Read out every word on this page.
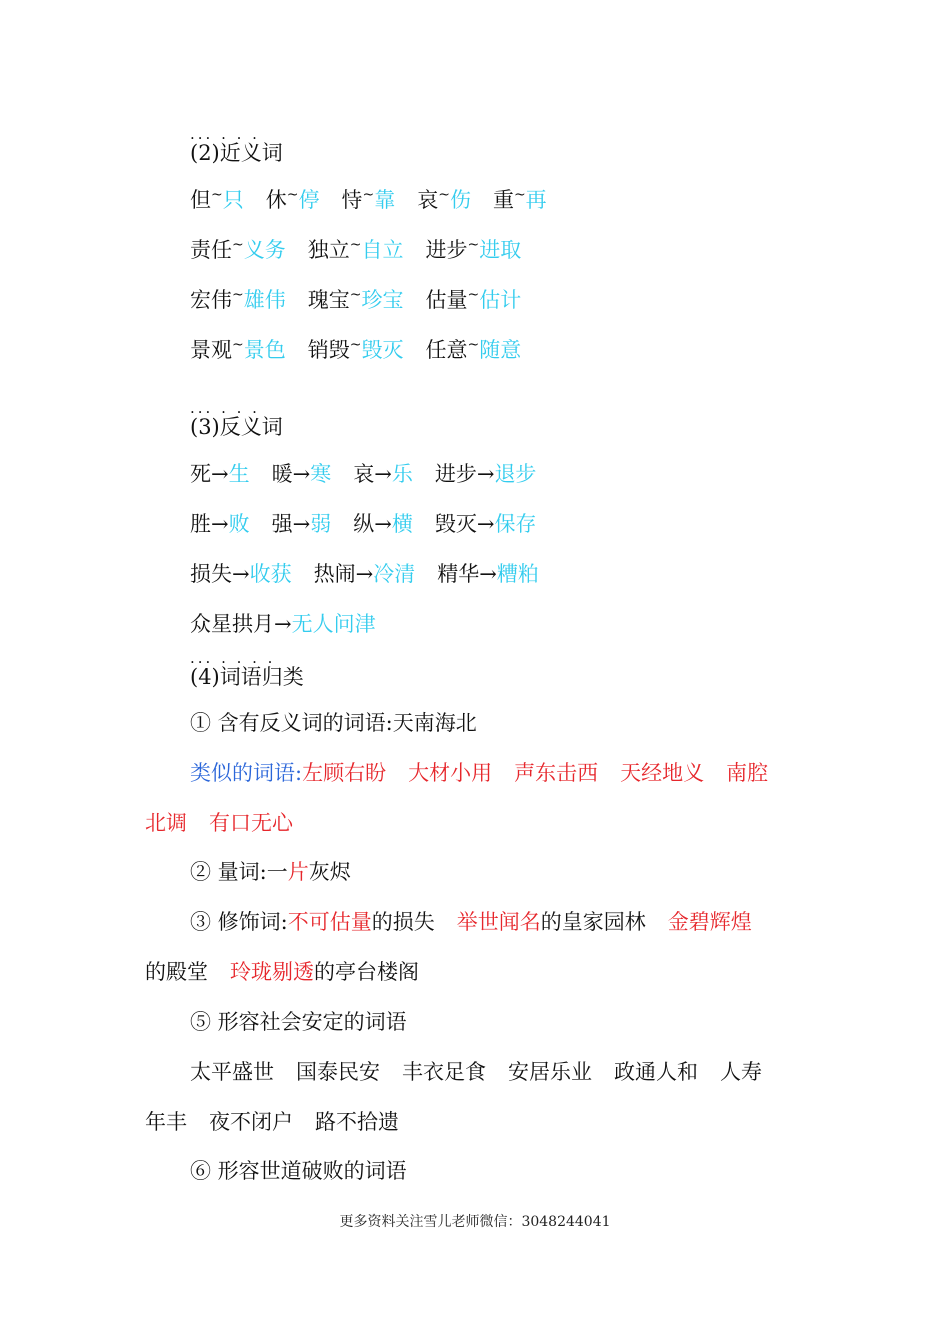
... . . .
(2)近义词
但~只 休~停 恃~靠 哀~伤 重~再
责任~义务 独立~自立 进步~进取
宏伟~雄伟 瑰宝~珍宝 估量~估计
景观~景色 销毁~毁灭 任意~随意
... . . .
(3)反义词
死→生 暖→寒 哀→乐 进步→退步
胜→败 强→弱 纵→横 毁灭→保存
损失→收获 热闹→冷清 精华→糟粕
众星拱月→无人问津
... . . . .
(4)词语归类
① 含有反义词的词语:天南海北
类似的词语:左顾右盼 大材小用 声东击西 天经地义 南腔
北调 有口无心
② 量词:一片灰烬
③ 修饰词:不可估量的损失 举世闻名的皇家园林 金碧辉煌
的殿堂 玲珑剔透的亭台楼阁
⑤ 形容社会安定的词语
太平盛世 国泰民安 丰衣足食 安居乐业 政通人和 人寿
年丰 夜不闭户 路不拾遗
⑥ 形容世道破败的词语
更多资料关注雪儿老师微信：3048244041
